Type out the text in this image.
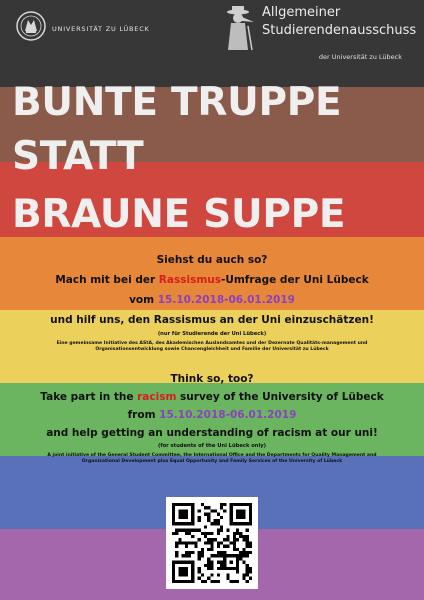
UNIVERSITÄT ZU LÜBECK
Allgemeiner
Studierendenausschuss
der Universität zu Lübeck
BUNTE TRUPPE
STATT
BRAUNE SUPPE
Siehst du auch so?
Mach mit bei der Rassismus-Umfrage der Uni Lübeck
vom 15.10.2018-06.01.2019
und hilf uns, den Rassismus an der Uni einzuschätzen!
(nur für Studierende der Uni Lübeck)
Eine gemeinsame Initiative des AStA, des Akademischen Auslandsamtes und der Dezernate Qualitäts-management und Organisationsentwicklung sowie Chancengleichheit und Familie der Universität zu Lübeck
Think so, too?
Take part in the racism survey of the University of Lübeck
from 15.10.2018-06.01.2019
and help getting an understanding of racism at our uni!
(for students of the Uni Lübeck only)
A joint initiative of the General Student Committee, the International Office and the Departments for Quality Management and Organizational Development plus Equal Opportunity and Family Services of the University of Lübeck
